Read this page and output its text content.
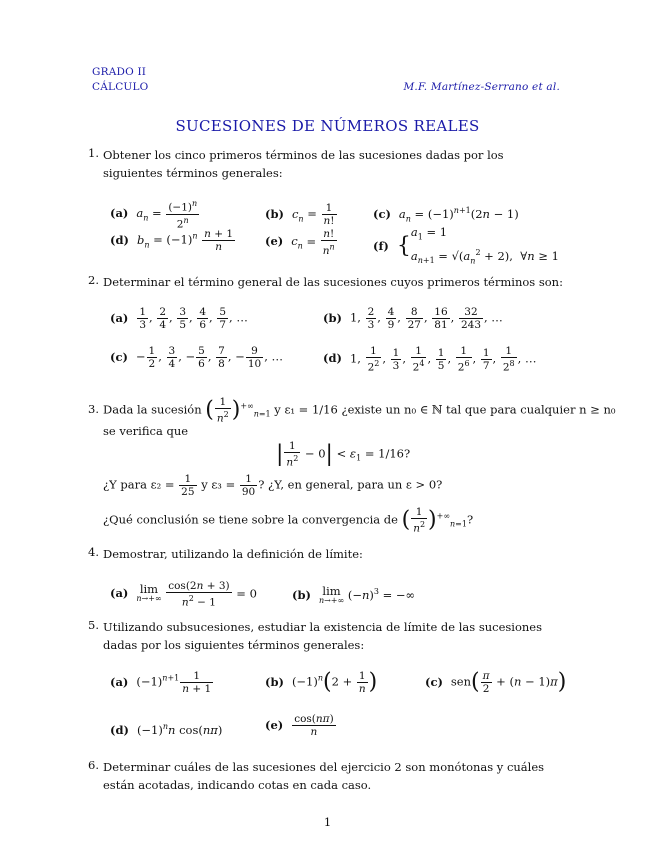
GRADO II
CÁLCULO	M.F. Martínez-Serrano et al.
SUCESIONES DE NÚMEROS REALES
1. Obtener los cinco primeros términos de las sucesiones dadas por los siguientes términos generales:
(a) $a_n = \frac{(-1)^n}{2^n}$	(b) $c_n = \frac{1}{n!}$	(c) $a_n = (-1)^{n+1}(2n - 1)$
(d) $b_n = (-1)^n \frac{n + 1}{n}$	(e) $c_n = \frac{n!}{n^n}$	(f) {$a_1 = 1$
$a_{n+1} = √(a_n^2 + 2)$,  ∀n ≥ 1
2. Determinar el término general de las sucesiones cuyos primeros términos son:
$(a) \frac{1}{3}$ , $\frac{2}{4}$ , $\frac{3}{5}$ , $\frac{4}{6}$ , $\frac{5}{7}$ , …	(b) 1, $\frac{2}{3}$ , $\frac{4}{9}$ , $\frac{8}{27}$ , $\frac{16}{81}$ , $\frac{32}{243}$ , …
$(c) - \frac{1}{2}$ , $\frac{3}{4}$ , − $\frac{5}{6}$ , $\frac{7}{8}$ , − $\frac{9}{10}$ , …	(d) 1, $\frac{1}{2^2}$ , $\frac{1}{3}$ , $\frac{1}{2^4}$ , $\frac{1}{5}$ , $\frac{1}{2^6}$ , $\frac{1}{7}$ , $\frac{1}{2^8}$ , …
3. Dada la sucesión ( $\frac{1}{n^2} )^{+\infty}_{n=1}$ y ε₁ = 1/16 ¿existe un n₀ ∈ ℕ tal que para cualquier n ≥ n₀
se verifica que
| $\frac{1}{n^2} - 0| < \varepsilon_1 = 1/16$?
¿Y para $\varepsilon_2 = \frac{1}{25}$ y $\varepsilon_3 = \frac{1}{90}$ ? ¿Y, en general, para un ε > 0?
¿Qué conclusión se tiene sobre la convergencia de ( $\frac{1}{n^2} )^{+\infty}_{n=1}$?
4. Demostrar, utilizando la definición de límite:
(a) lim
n→+∞
$\frac{\cos(2n + 3)}{n^2 - 1} = 0$	(b) lim
n→+∞ $(-n)^3$ = −∞
5. Utilizando subsucesiones, estudiar la existencia de límite de las sucesiones dadas por los siguientes términos generales:
(a) $(-1)^{n+1} \frac{1}{n + 1}$	(b) $(-1)^n(2 + \frac{1}{n}$ )	(c) $sen( \frac{\pi}{2} + (n - 1)\pi)$
(d) $(-1)^nn$ cos(nπ)	$(e) \frac{\cos(n\pi)}{n}$
6. Determinar cuáles de las sucesiones del ejercicio 2 son monótonas y cuáles están acotadas, indicando cotas en cada caso.
1
